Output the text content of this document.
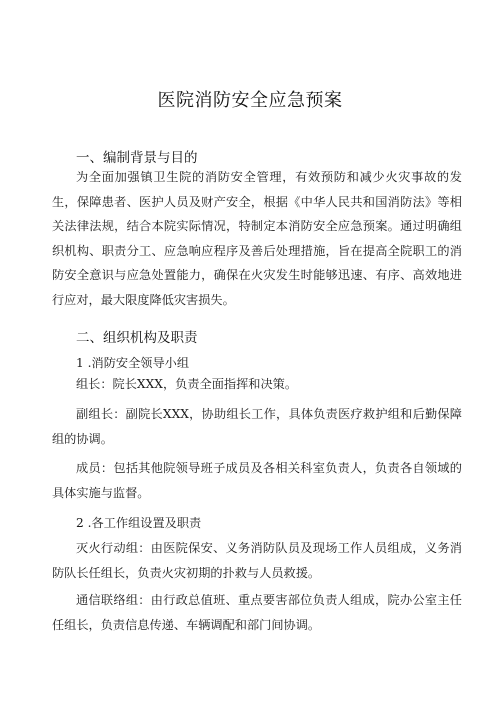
医院消防安全应急预案
一、编制背景与目的

为全面加强镇卫生院的消防安全管理，有效预防和减少火灾事故的发生，保障患者、医护人员及财产安全，根据《中华人民共和国消防法》等相关法律法规，结合本院实际情况，特制定本消防安全应急预案。通过明确组织机构、职责分工、应急响应程序及善后处理措施，旨在提高全院职工的消防安全意识与应急处置能力，确保在火灾发生时能够迅速、有序、高效地进行应对，最大限度降低灾害损失。

二、组织机构及职责
1 .消防安全领导小组

组长：院长XXX，负责全面指挥和决策。

副组长：副院长XXX，协助组长工作，具体负责医疗救护组和后勤保障组的协调。

成员：包括其他院领导班子成员及各相关科室负责人，负责各自领域的具体实施与监督。

2 .各工作组设置及职责

灭火行动组：由医院保安、义务消防队员及现场工作人员组成，义务消防队长任组长，负责火灾初期的扑救与人员救援。

通信联络组：由行政总值班、重点要害部位负责人组成，院办公室主任任组长，负责信息传递、车辆调配和部门间协调。
